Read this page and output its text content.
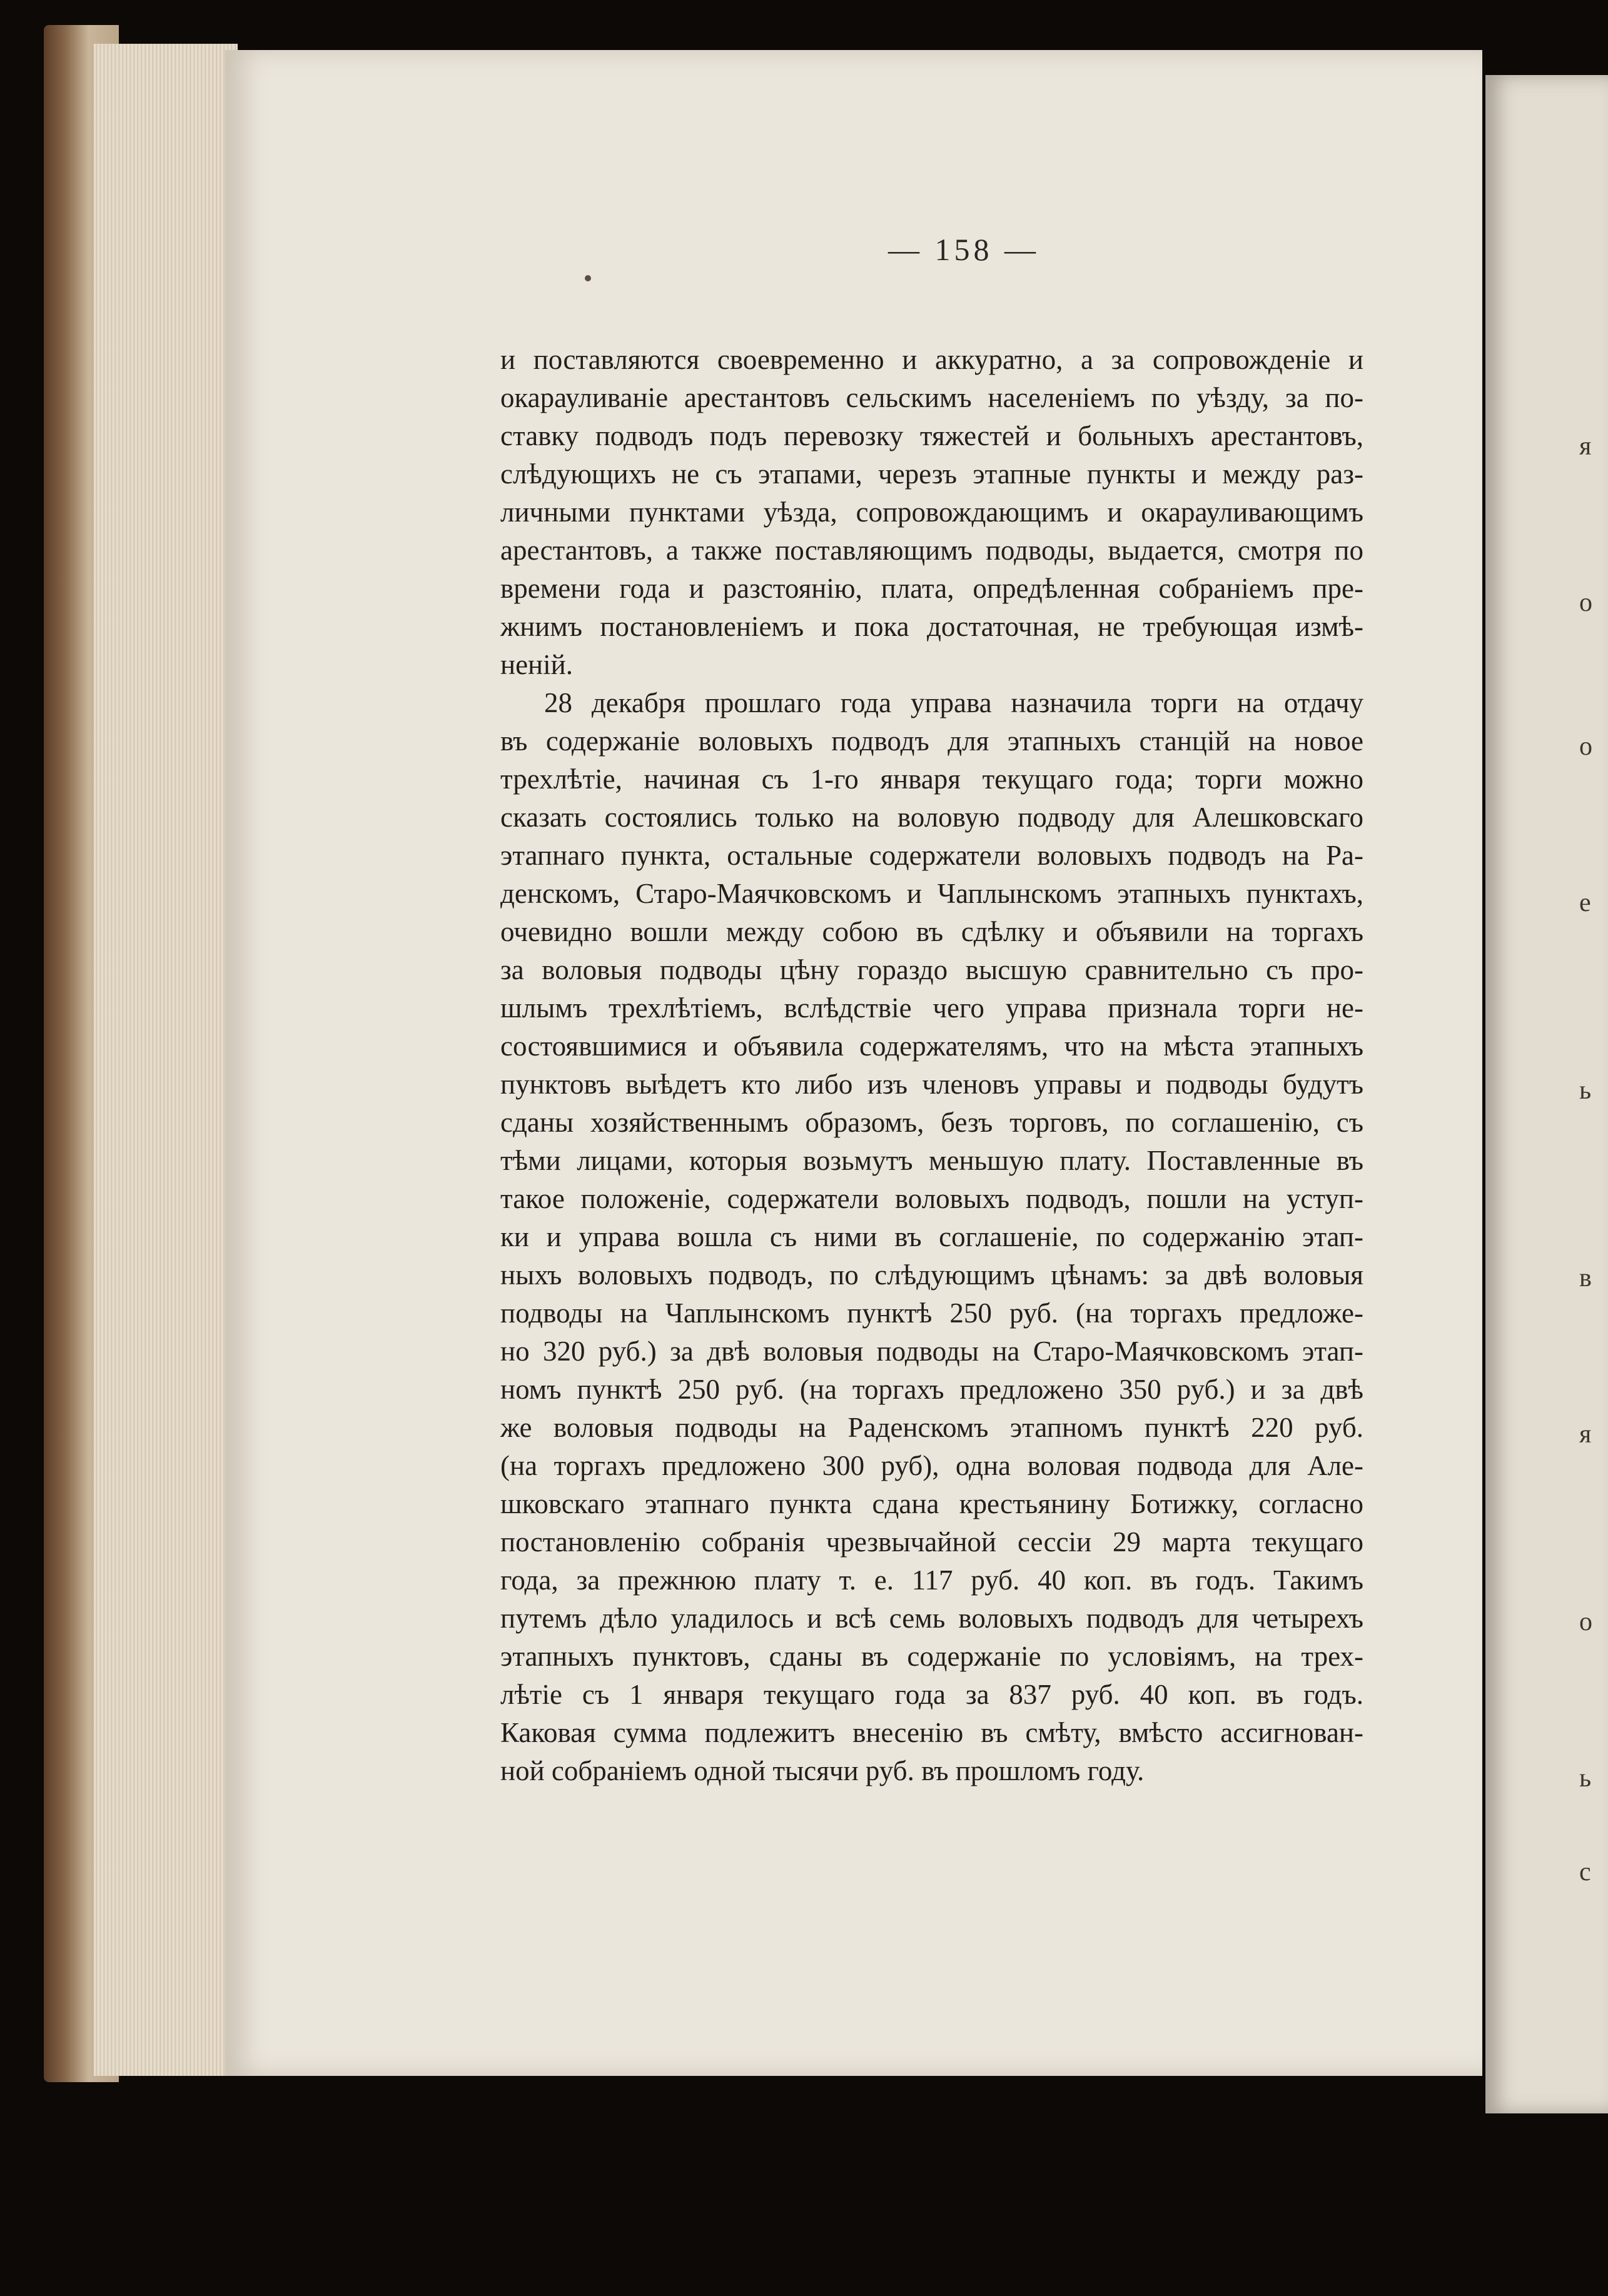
я
о
о
e
ь
в
я
о
ь
с
— 158 —
и поставляются своевременно и аккуратно, а за сопровожденіе и
окарауливаніе арестантовъ сельскимъ населеніемъ по уѣзду, за по-
ставку подводъ подъ перевозку тяжестей и больныхъ арестантовъ,
слѣдующихъ не съ этапами, черезъ этапные пункты и между раз-
личными пунктами уѣзда, сопровождающимъ и окарауливающимъ
арестантовъ, а также поставляющимъ подводы, выдается, смотря по
времени года и разстоянію, плата, опредѣленная собраніемъ пре-
жнимъ постановленіемъ и пока достаточная, не требующая измѣ-
неній.
28 декабря прошлаго года управа назначила торги на отдачу
въ содержаніе воловыхъ подводъ для этапныхъ станцій на новое
трехлѣтіе, начиная съ 1-го января текущаго года; торги можно
сказать состоялись только на воловую подводу для Алешковскаго
этапнаго пункта, остальные содержатели воловыхъ подводъ на Ра-
денскомъ, Старо-Маячковскомъ и Чаплынскомъ этапныхъ пунктахъ,
очевидно вошли между собою въ сдѣлку и объявили на торгахъ
за воловыя подводы цѣну гораздо высшую сравнительно съ про-
шлымъ трехлѣтіемъ, вслѣдствіе чего управа признала торги не-
состоявшимися и объявила содержателямъ, что на мѣста этапныхъ
пунктовъ выѣдетъ кто либо изъ членовъ управы и подводы будутъ
сданы хозяйственнымъ образомъ, безъ торговъ, по соглашенію, съ
тѣми лицами, которыя возьмутъ меньшую плату. Поставленные въ
такое положеніе, содержатели воловыхъ подводъ, пошли на уступ-
ки и управа вошла съ ними въ соглашеніе, по содержанію этап-
ныхъ воловыхъ подводъ, по слѣдующимъ цѣнамъ: за двѣ воловыя
подводы на Чаплынскомъ пунктѣ 250 руб. (на торгахъ предложе-
но 320 руб.) за двѣ воловыя подводы на Старо-Маячковскомъ этап-
номъ пунктѣ 250 руб. (на торгахъ предложено 350 руб.) и за двѣ
же воловыя подводы на Раденскомъ этапномъ пунктѣ 220 руб.
(на торгахъ предложено 300 руб), одна воловая подвода для Але-
шковскаго этапнаго пункта сдана крестьянину Ботижку, согласно
постановленію собранія чрезвычайной сессіи 29 марта текущаго
года, за прежнюю плату т. е. 117 руб. 40 коп. въ годъ. Такимъ
путемъ дѣло уладилось и всѣ семь воловыхъ подводъ для четырехъ
этапныхъ пунктовъ, сданы въ содержаніе по условіямъ, на трех-
лѣтіе съ 1 января текущаго года за 837 руб. 40 коп. въ годъ.
Каковая сумма подлежитъ внесенію въ смѣту, вмѣсто ассигнован-
ной собраніемъ одной тысячи руб. въ прошломъ году.
